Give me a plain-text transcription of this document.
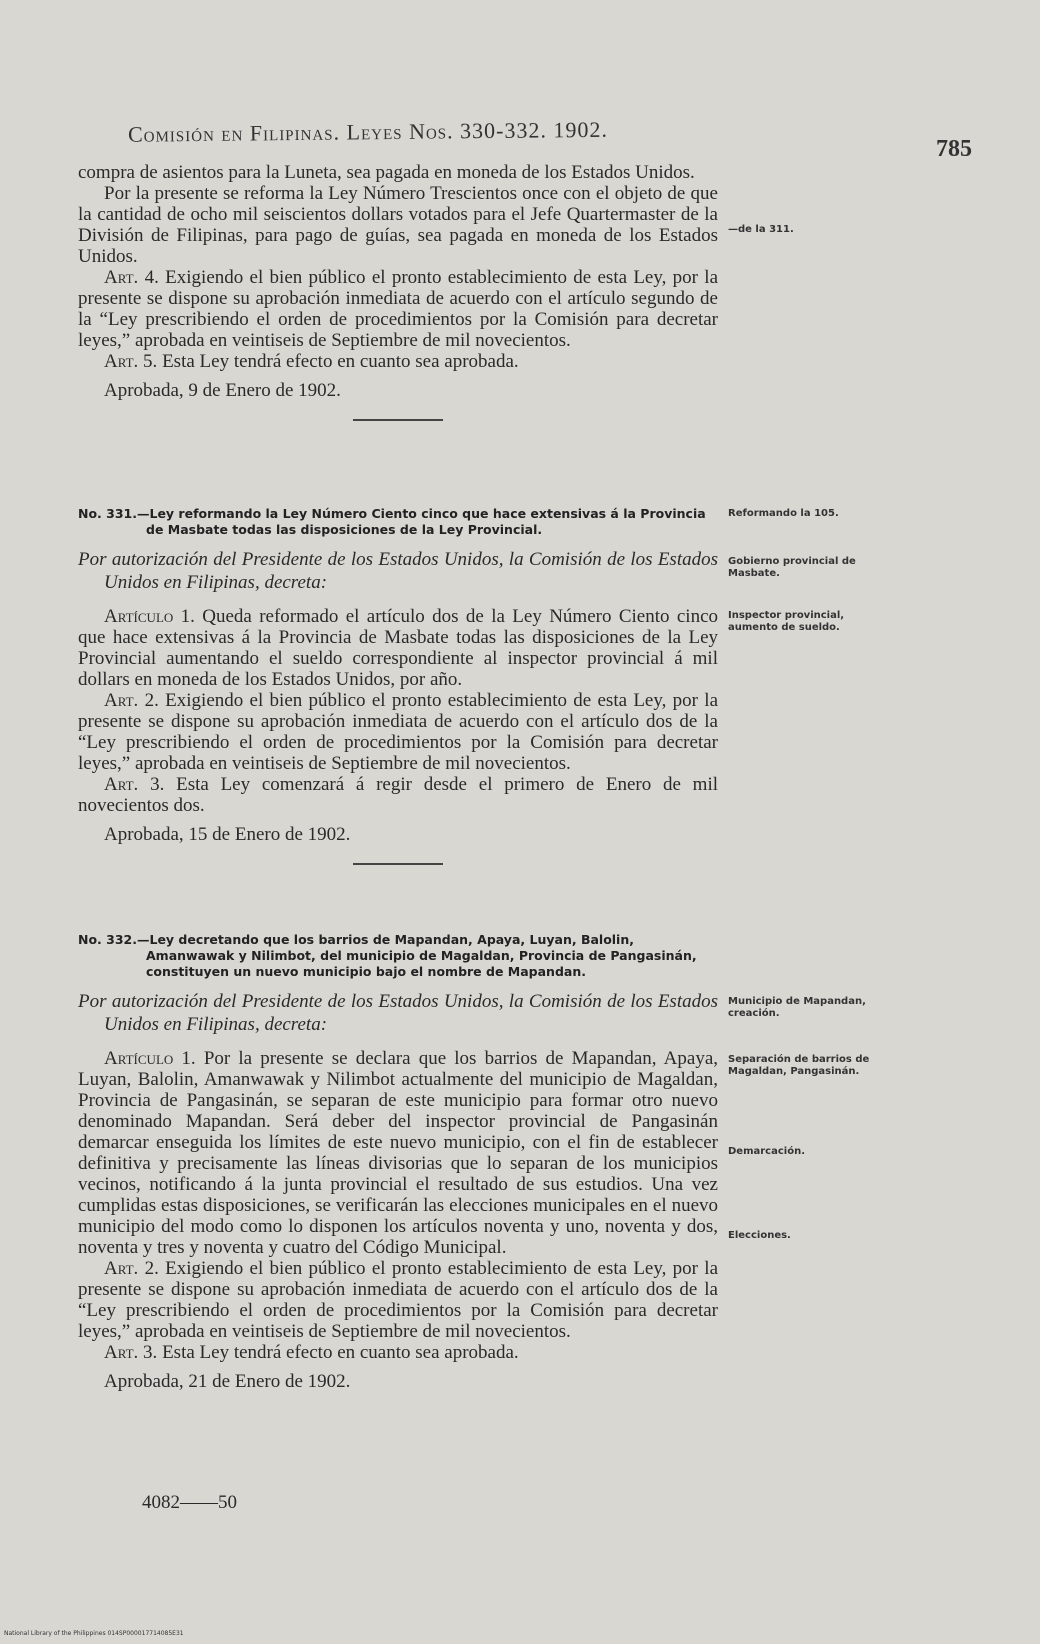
Comisión en Filipinas. Leyes Nos. 330-332. 1902.
785

compra de asientos para la Luneta, sea pagada en moneda de los Estados Unidos.

Por la presente se reforma la Ley Número Trescientos once con el objeto de que la cantidad de ocho mil seiscientos dollars votados para el Jefe Quartermaster de la División de Filipinas, para pago de guías, sea pagada en moneda de los Estados Unidos.

Art. 4. Exigiendo el bien público el pronto establecimiento de esta Ley, por la presente se dispone su aprobación inmediata de acuerdo con el artículo segundo de la “Ley prescribiendo el orden de procedimientos por la Comisión para decretar leyes,” aprobada en veintiseis de Septiembre de mil novecientos.

Art. 5. Esta Ley tendrá efecto en cuanto sea aprobada.

Aprobada, 9 de Enero de 1902.

No. 331.—Ley reformando la Ley Número Ciento cinco que hace extensivas á la Provincia de Masbate todas las disposiciones de la Ley Provincial.

Por autorización del Presidente de los Estados Unidos, la Comisión de los Estados Unidos en Filipinas, decreta:

Artículo 1. Queda reformado el artículo dos de la Ley Número Ciento cinco que hace extensivas á la Provincia de Masbate todas las disposiciones de la Ley Provincial aumentando el sueldo correspondiente al inspector provincial á mil dollars en moneda de los Estados Unidos, por año.

Art. 2. Exigiendo el bien público el pronto establecimiento de esta Ley, por la presente se dispone su aprobación inmediata de acuerdo con el artículo dos de la “Ley prescribiendo el orden de procedimientos por la Comisión para decretar leyes,” aprobada en veintiseis de Septiembre de mil novecientos.

Art. 3. Esta Ley comenzará á regir desde el primero de Enero de mil novecientos dos.

Aprobada, 15 de Enero de 1902.

No. 332.—Ley decretando que los barrios de Mapandan, Apaya, Luyan, Balolin, Amanwawak y Nilimbot, del municipio de Magaldan, Provincia de Pangasinán, constituyen un nuevo municipio bajo el nombre de Mapandan.

Por autorización del Presidente de los Estados Unidos, la Comisión de los Estados Unidos en Filipinas, decreta:

Artículo 1. Por la presente se declara que los barrios de Mapandan, Apaya, Luyan, Balolin, Amanwawak y Nilimbot actualmente del municipio de Magaldan, Provincia de Pangasinán, se separan de este municipio para formar otro nuevo denominado Mapandan. Será deber del inspector provincial de Pangasinán demarcar enseguida los límites de este nuevo municipio, con el fin de establecer definitiva y precisamente las líneas divisorias que lo separan de los municipios vecinos, notificando á la junta provincial el resultado de sus estudios. Una vez cumplidas estas disposiciones, se verificarán las elecciones municipales en el nuevo municipio del modo como lo disponen los artículos noventa y uno, noventa y dos, noventa y tres y noventa y cuatro del Código Municipal.

Art. 2. Exigiendo el bien público el pronto establecimiento de esta Ley, por la presente se dispone su aprobación inmediata de acuerdo con el artículo dos de la “Ley prescribiendo el orden de procedimientos por la Comisión para decretar leyes,” aprobada en veintiseis de Septiembre de mil novecientos.

Art. 3. Esta Ley tendrá efecto en cuanto sea aprobada.

Aprobada, 21 de Enero de 1902.

—de la 311.
Reformando la 105.
Gobierno provincial de Masbate.
Inspector provincial, aumento de sueldo.
Municipio de Mapandan, creación.
Separación de barrios de Magaldan, Pangasinán.
Demarcación.
Elecciones.
4082——50
National Library of the Philippines 014SP000017714085E31
